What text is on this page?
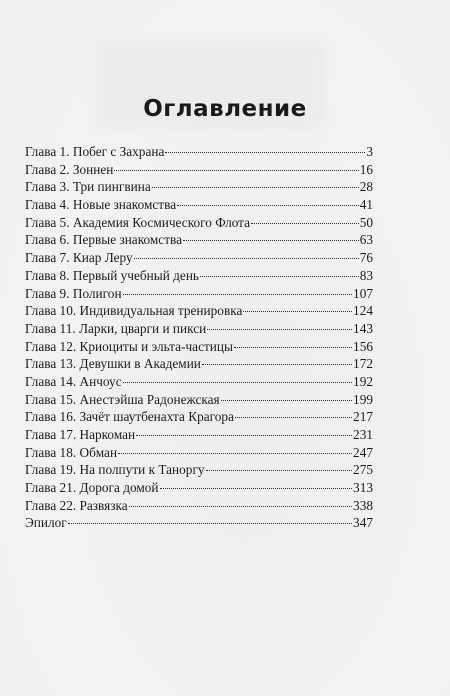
Оглавление
Глава 1. Побег с Захрана	3
Глава 2. Зоннен	16
Глава 3. Три пингвина	28
Глава 4. Новые знакомства	41
Глава 5. Академия Космического Флота	50
Глава 6. Первые знакомства	63
Глава 7. Киар Леру	76
Глава 8. Первый учебный день	83
Глава 9. Полигон	107
Глава 10. Индивидуальная тренировка	124
Глава 11. Ларки, цварги и пикси	143
Глава 12. Криоциты и эльта-частицы	156
Глава 13. Девушки в Академии	172
Глава 14. Анчоус	192
Глава 15. Анестэйша Радонежская	199
Глава 16. Зачёт шаутбенахта Крагора	217
Глава 17. Наркоман	231
Глава 18. Обман	247
Глава 19. На полпути к Таноргу	275
Глава 21. Дорога домой	313
Глава 22. Развязка	338
Эпилог	347
